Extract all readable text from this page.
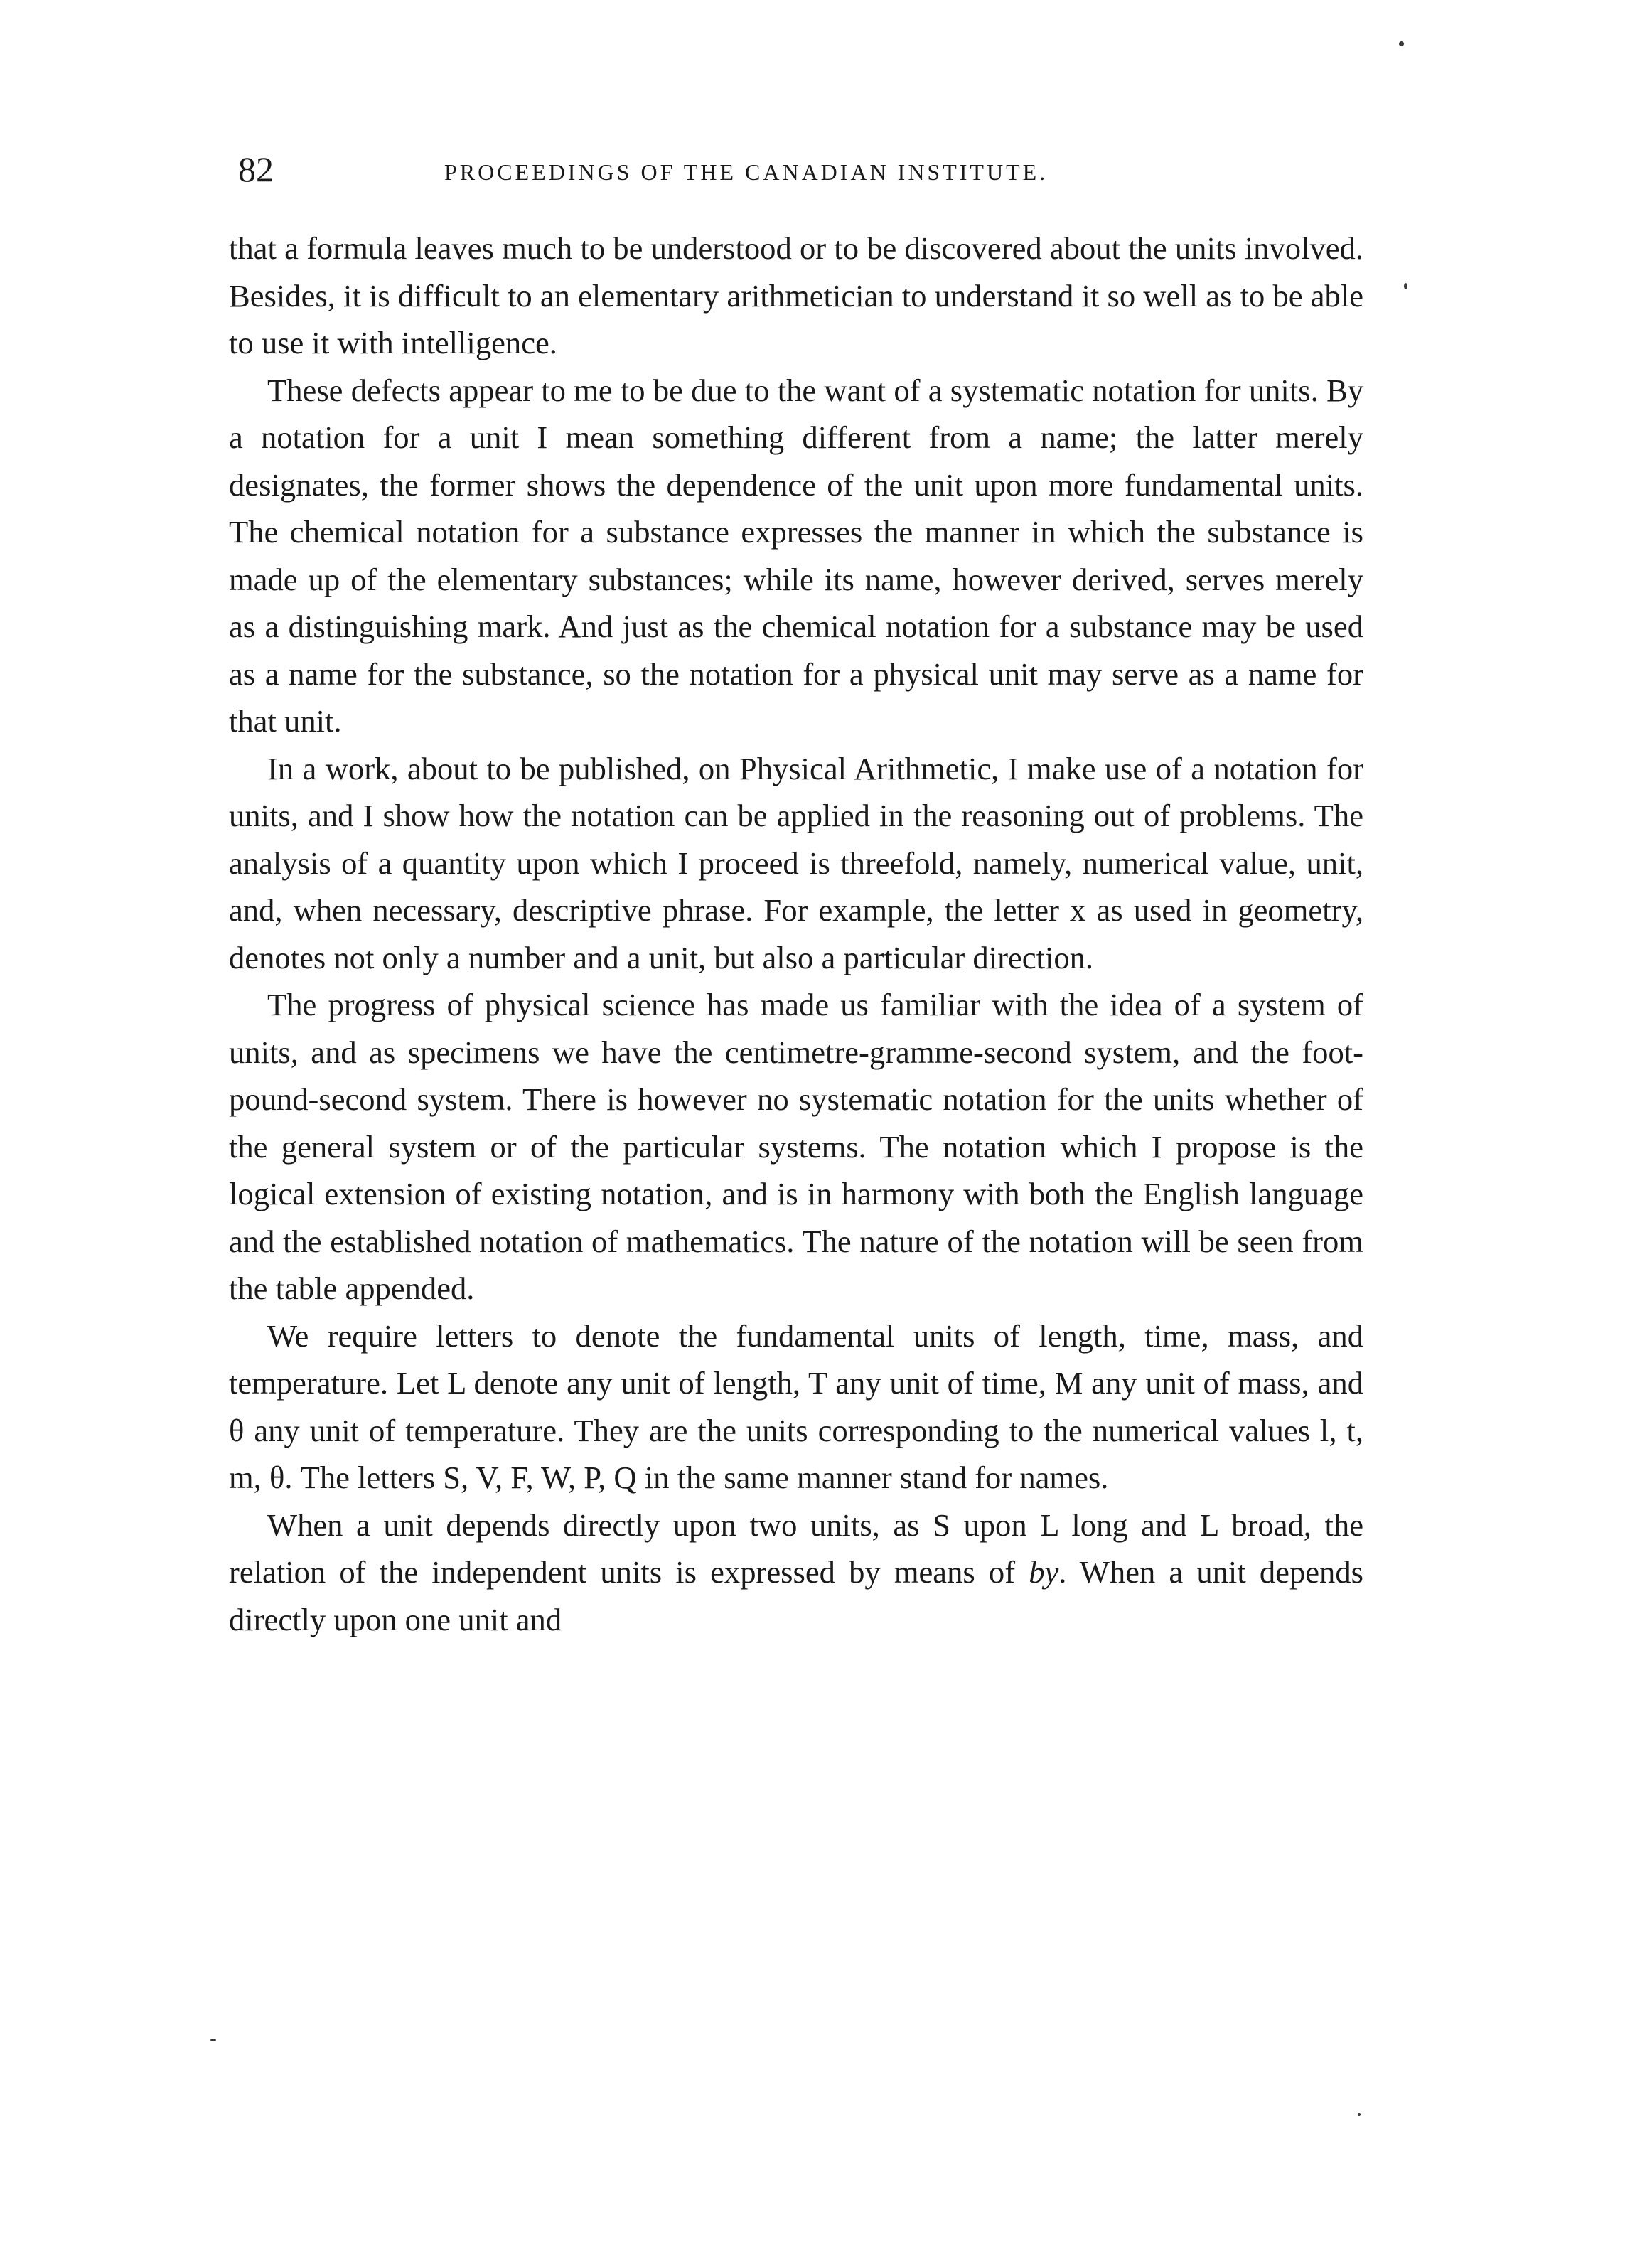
82	PROCEEDINGS OF THE CANADIAN INSTITUTE.

that a formula leaves much to be understood or to be discovered about the units involved. Besides, it is difficult to an elementary arithmetician to understand it so well as to be able to use it with intelligence.

These defects appear to me to be due to the want of a systematic notation for units. By a notation for a unit I mean something different from a name; the latter merely designates, the former shows the dependence of the unit upon more fundamental units. The chemical notation for a substance expresses the manner in which the substance is made up of the elementary substances; while its name, however derived, serves merely as a distinguishing mark. And just as the chemical notation for a substance may be used as a name for the substance, so the notation for a physical unit may serve as a name for that unit.

In a work, about to be published, on Physical Arithmetic, I make use of a notation for units, and I show how the notation can be applied in the reasoning out of problems. The analysis of a quantity upon which I proceed is threefold, namely, numerical value, unit, and, when necessary, descriptive phrase. For example, the letter x as used in geometry, denotes not only a number and a unit, but also a particular direction.

The progress of physical science has made us familiar with the idea of a system of units, and as specimens we have the centimetre-gramme-second system, and the foot-pound-second system. There is however no systematic notation for the units whether of the general system or of the particular systems. The notation which I propose is the logical extension of existing notation, and is in harmony with both the English language and the established notation of mathematics. The nature of the notation will be seen from the table appended.

We require letters to denote the fundamental units of length, time, mass, and temperature. Let L denote any unit of length, T any unit of time, M any unit of mass, and θ any unit of temperature. They are the units corresponding to the numerical values l, t, m, θ. The letters S, V, F, W, P, Q in the same manner stand for names.

When a unit depends directly upon two units, as S upon L long and L broad, the relation of the independent units is expressed by means of by. When a unit depends directly upon one unit and
